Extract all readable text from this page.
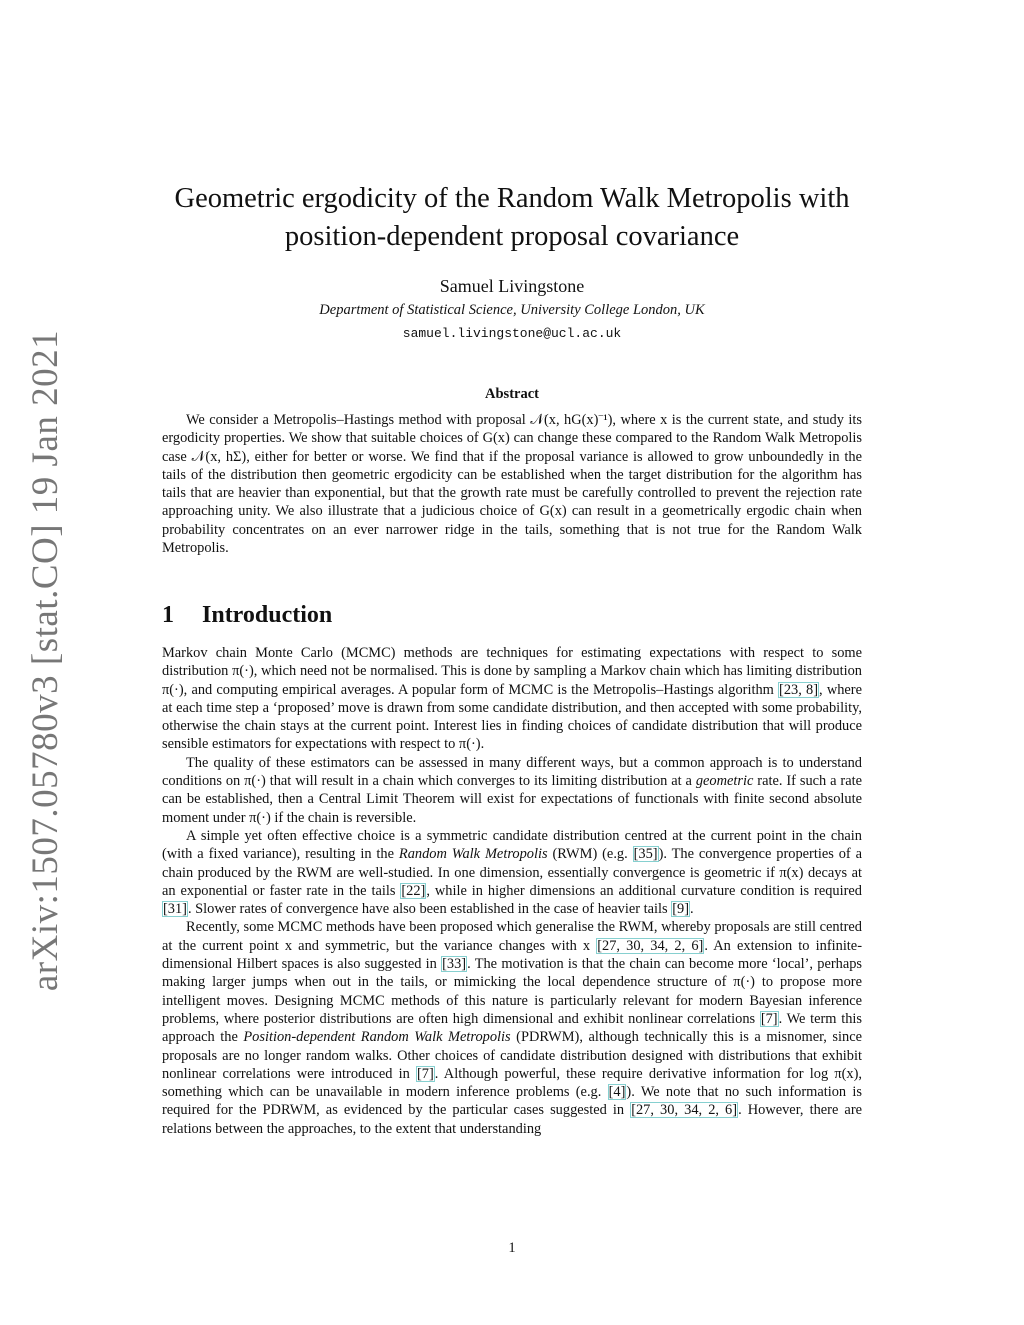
arXiv:1507.05780v3 [stat.CO] 19 Jan 2021
Geometric ergodicity of the Random Walk Metropolis with
position-dependent proposal covariance
Samuel Livingstone
Department of Statistical Science, University College London, UK
samuel.livingstone@ucl.ac.uk
Abstract

We consider a Metropolis–Hastings method with proposal 𝒩(x, hG(x)⁻¹), where x is the current state, and study its ergodicity properties. We show that suitable choices of G(x) can change these compared to the Random Walk Metropolis case 𝒩(x, hΣ), either for better or worse. We find that if the proposal variance is allowed to grow unboundedly in the tails of the distribution then geometric ergodicity can be established when the target distribution for the algorithm has tails that are heavier than exponential, but that the growth rate must be carefully controlled to prevent the rejection rate approaching unity. We also illustrate that a judicious choice of G(x) can result in a geometrically ergodic chain when probability concentrates on an ever narrower ridge in the tails, something that is not true for the Random Walk Metropolis.

1 Introduction

Markov chain Monte Carlo (MCMC) methods are techniques for estimating expectations with respect to some distribution π(·), which need not be normalised. This is done by sampling a Markov chain which has limiting distribution π(·), and computing empirical averages. A popular form of MCMC is the Metropolis–Hastings algorithm [23, 8], where at each time step a ‘proposed’ move is drawn from some candidate distribution, and then accepted with some probability, otherwise the chain stays at the current point. Interest lies in finding choices of candidate distribution that will produce sensible estimators for expectations with respect to π(·).

The quality of these estimators can be assessed in many different ways, but a common approach is to understand conditions on π(·) that will result in a chain which converges to its limiting distribution at a geometric rate. If such a rate can be established, then a Central Limit Theorem will exist for expectations of functionals with finite second absolute moment under π(·) if the chain is reversible.

A simple yet often effective choice is a symmetric candidate distribution centred at the current point in the chain (with a fixed variance), resulting in the Random Walk Metropolis (RWM) (e.g. [35]). The convergence properties of a chain produced by the RWM are well-studied. In one dimension, essentially convergence is geometric if π(x) decays at an exponential or faster rate in the tails [22], while in higher dimensions an additional curvature condition is required [31]. Slower rates of convergence have also been established in the case of heavier tails [9].

Recently, some MCMC methods have been proposed which generalise the RWM, whereby proposals are still centred at the current point x and symmetric, but the variance changes with x [27, 30, 34, 2, 6]. An extension to infinite-dimensional Hilbert spaces is also suggested in [33]. The motivation is that the chain can become more ‘local’, perhaps making larger jumps when out in the tails, or mimicking the local dependence structure of π(·) to propose more intelligent moves. Designing MCMC methods of this nature is particularly relevant for modern Bayesian inference problems, where posterior distributions are often high dimensional and exhibit nonlinear correlations [7]. We term this approach the Position-dependent Random Walk Metropolis (PDRWM), although technically this is a misnomer, since proposals are no longer random walks. Other choices of candidate distribution designed with distributions that exhibit nonlinear correlations were introduced in [7]. Although powerful, these require derivative information for log π(x), something which can be unavailable in modern inference problems (e.g. [4]). We note that no such information is required for the PDRWM, as evidenced by the particular cases suggested in [27, 30, 34, 2, 6]. However, there are relations between the approaches, to the extent that understanding

1
